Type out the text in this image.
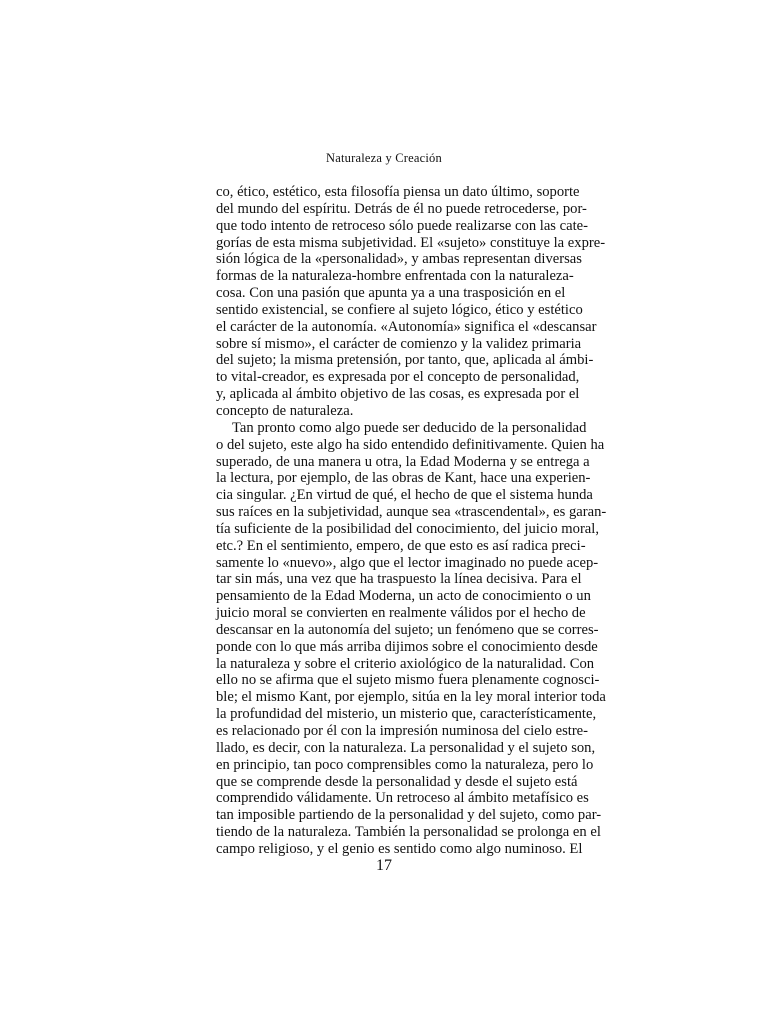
Naturaleza y Creación

co, ético, estético, esta filosofía piensa un dato último, soporte
del mundo del espíritu. Detrás de él no puede retrocederse, por-
que todo intento de retroceso sólo puede realizarse con las cate-
gorías de esta misma subjetividad. El «sujeto» constituye la expre-
sión lógica de la «personalidad», y ambas representan diversas
formas de la naturaleza-hombre enfrentada con la naturaleza-
cosa. Con una pasión que apunta ya a una trasposición en el
sentido existencial, se confiere al sujeto lógico, ético y estético
el carácter de la autonomía. «Autonomía» significa el «descansar
sobre sí mismo», el carácter de comienzo y la validez primaria
del sujeto; la misma pretensión, por tanto, que, aplicada al ámbi-
to vital-creador, es expresada por el concepto de personalidad,
y, aplicada al ámbito objetivo de las cosas, es expresada por el
concepto de naturaleza.

Tan pronto como algo puede ser deducido de la personalidad
o del sujeto, este algo ha sido entendido definitivamente. Quien ha
superado, de una manera u otra, la Edad Moderna y se entrega a
la lectura, por ejemplo, de las obras de Kant, hace una experien-
cia singular. ¿En virtud de qué, el hecho de que el sistema hunda
sus raíces en la subjetividad, aunque sea «trascendental», es garan-
tía suficiente de la posibilidad del conocimiento, del juicio moral,
etc.? En el sentimiento, empero, de que esto es así radica preci-
samente lo «nuevo», algo que el lector imaginado no puede acep-
tar sin más, una vez que ha traspuesto la línea decisiva. Para el
pensamiento de la Edad Moderna, un acto de conocimiento o un
juicio moral se convierten en realmente válidos por el hecho de
descansar en la autonomía del sujeto; un fenómeno que se corres-
ponde con lo que más arriba dijimos sobre el conocimiento desde
la naturaleza y sobre el criterio axiológico de la naturalidad. Con
ello no se afirma que el sujeto mismo fuera plenamente cognosci-
ble; el mismo Kant, por ejemplo, sitúa en la ley moral interior toda
la profundidad del misterio, un misterio que, característicamente,
es relacionado por él con la impresión numinosa del cielo estre-
llado, es decir, con la naturaleza. La personalidad y el sujeto son,
en principio, tan poco comprensibles como la naturaleza, pero lo
que se comprende desde la personalidad y desde el sujeto está
comprendido válidamente. Un retroceso al ámbito metafísico es
tan imposible partiendo de la personalidad y del sujeto, como par-
tiendo de la naturaleza. También la personalidad se prolonga en el
campo religioso, y el genio es sentido como algo numinoso. El

17
